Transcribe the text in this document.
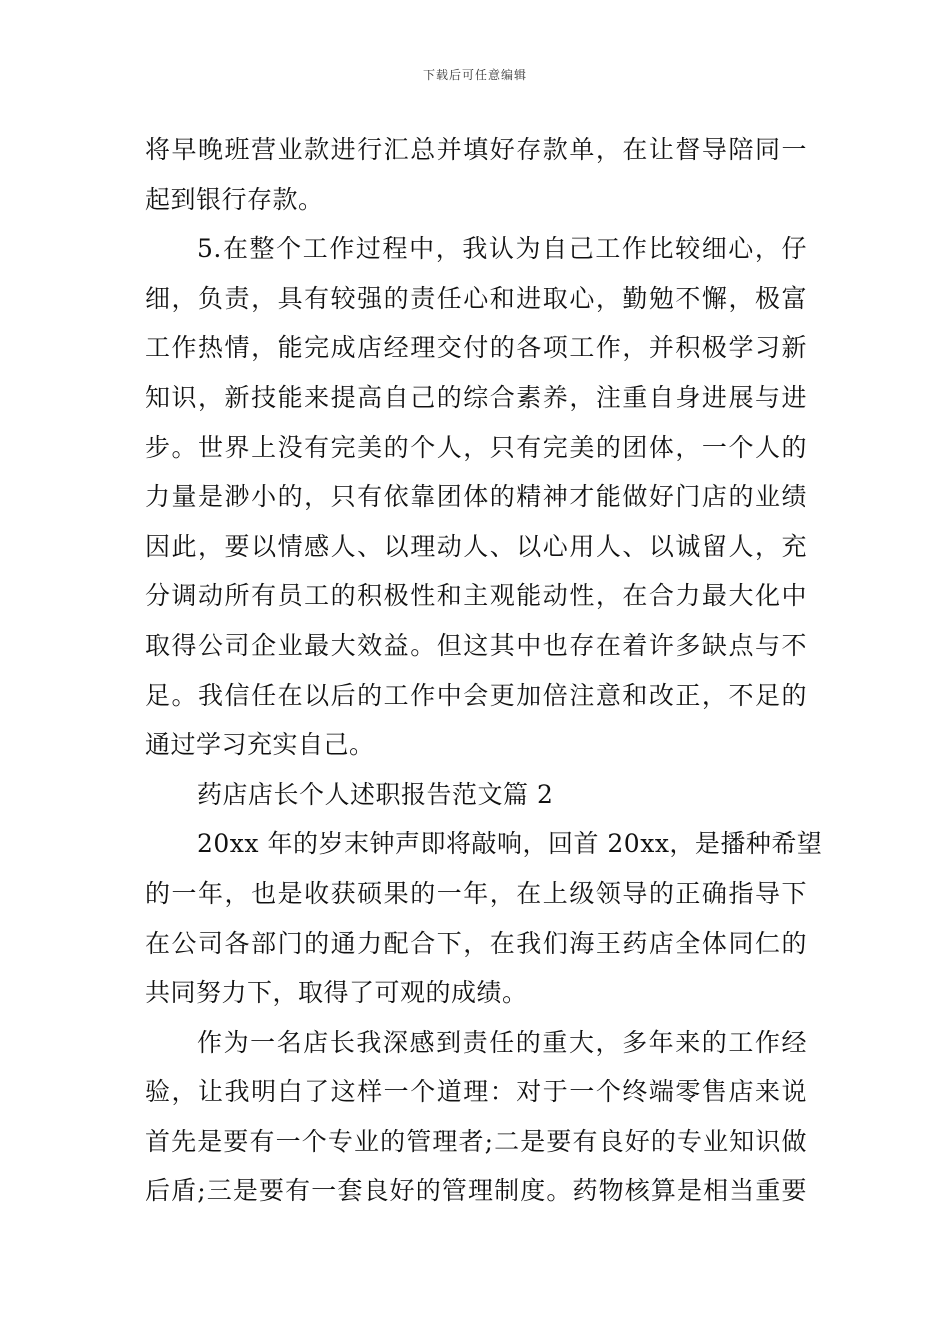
下载后可任意编辑
将早晚班营业款进行汇总并填好存款单，在让督导陪同一
起到银行存款。
5.在整个工作过程中，我认为自己工作比较细心，仔
细，负责，具有较强的责任心和进取心，勤勉不懈，极富
工作热情，能完成店经理交付的各项工作，并积极学习新
知识，新技能来提高自己的综合素养，注重自身进展与进
步。世界上没有完美的个人，只有完美的团体，一个人的
力量是渺小的，只有依靠团体的精神才能做好门店的业绩
因此，要以情感人、以理动人、以心用人、以诚留人，充
分调动所有员工的积极性和主观能动性，在合力最大化中
取得公司企业最大效益。但这其中也存在着许多缺点与不
足。我信任在以后的工作中会更加倍注意和改正，不足的
通过学习充实自己。
药店店长个人述职报告范文篇 2
20xx 年的岁末钟声即将敲响，回首 20xx，是播种希望
的一年，也是收获硕果的一年，在上级领导的正确指导下
在公司各部门的通力配合下，在我们海王药店全体同仁的
共同努力下，取得了可观的成绩。
作为一名店长我深感到责任的重大，多年来的工作经
验，让我明白了这样一个道理：对于一个终端零售店来说
首先是要有一个专业的管理者;二是要有良好的专业知识做
后盾;三是要有一套良好的管理制度。药物核算是相当重要
